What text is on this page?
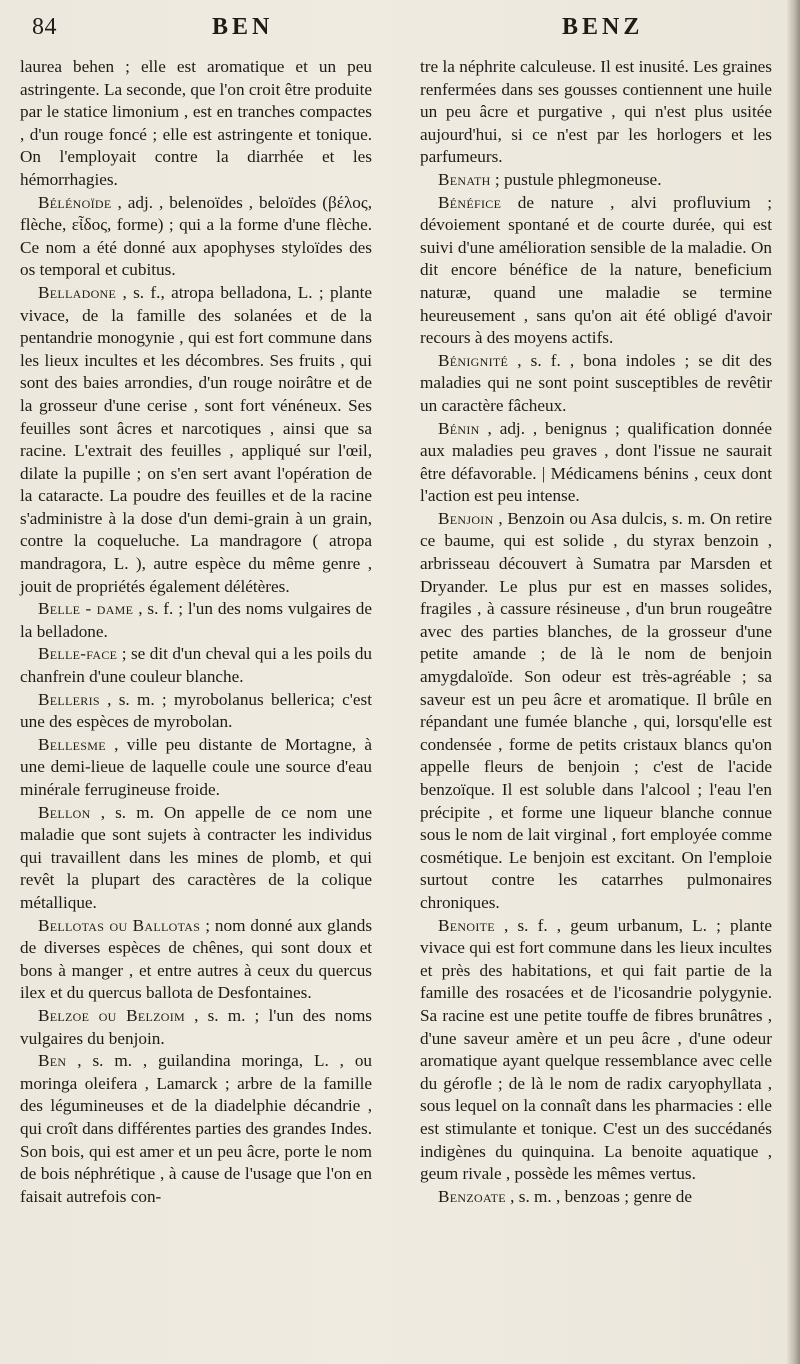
84	BEN	BENZ

laurea behen ; elle est aromatique et un peu astringente. La seconde, que l'on croit être produite par le statice limonium , est en tranches compactes , d'un rouge foncé ; elle est astringente et tonique. On l'employait contre la diarrhée et les hémorrhagies.

Bélénoïde , adj. , belenoïdes , beloïdes (βέλος, flèche, εἶδος, forme) ; qui a la forme d'une flèche. Ce nom a été donné aux apophyses styloïdes des os temporal et cubitus.

Belladone , s. f., atropa belladona, L. ; plante vivace, de la famille des solanées et de la pentandrie monogynie , qui est fort commune dans les lieux incultes et les décombres. Ses fruits , qui sont des baies arrondies, d'un rouge noirâtre et de la grosseur d'une cerise , sont fort vénéneux. Ses feuilles sont âcres et narcotiques , ainsi que sa racine. L'extrait des feuilles , appliqué sur l'œil, dilate la pupille ; on s'en sert avant l'opération de la cataracte. La poudre des feuilles et de la racine s'administre à la dose d'un demi-grain à un grain, contre la coqueluche. La mandragore ( atropa mandragora, L. ), autre espèce du même genre , jouit de propriétés également délétères.

Belle - dame , s. f. ; l'un des noms vulgaires de la belladone.

Belle-face ; se dit d'un cheval qui a les poils du chanfrein d'une couleur blanche.

Belleris , s. m. ; myrobolanus bellerica; c'est une des espèces de myrobolan.

Bellesme , ville peu distante de Mortagne, à une demi-lieue de laquelle coule une source d'eau minérale ferrugineuse froide.

Bellon , s. m. On appelle de ce nom une maladie que sont sujets à contracter les individus qui travaillent dans les mines de plomb, et qui revêt la plupart des caractères de la colique métallique.

Bellotas ou Ballotas ; nom donné aux glands de diverses espèces de chênes, qui sont doux et bons à manger , et entre autres à ceux du quercus ilex et du quercus ballota de Desfontaines.

Belzoe ou Belzoim , s. m. ; l'un des noms vulgaires du benjoin.

Ben , s. m. , guilandina moringa, L. , ou moringa oleifera , Lamarck ; arbre de la famille des légumineuses et de la diadelphie décandrie , qui croît dans différentes parties des grandes Indes. Son bois, qui est amer et un peu âcre, porte le nom de bois néphrétique , à cause de l'usage que l'on en faisait autrefois con-

tre la néphrite calculeuse. Il est inusité. Les graines renfermées dans ses gousses contiennent une huile un peu âcre et purgative , qui n'est plus usitée aujourd'hui, si ce n'est par les horlogers et les parfumeurs.

Benath ; pustule phlegmoneuse.

Bénéfice de nature , alvi profluvium ; dévoiement spontané et de courte durée, qui est suivi d'une amélioration sensible de la maladie. On dit encore bénéfice de la nature, beneficium naturæ, quand une maladie se termine heureusement , sans qu'on ait été obligé d'avoir recours à des moyens actifs.

Bénignité , s. f. , bona indoles ; se dit des maladies qui ne sont point susceptibles de revêtir un caractère fâcheux.

Bénin , adj. , benignus ; qualification donnée aux maladies peu graves , dont l'issue ne saurait être défavorable. | Médicamens bénins , ceux dont l'action est peu intense.

Benjoin , Benzoin ou Asa dulcis, s. m. On retire ce baume, qui est solide , du styrax benzoin , arbrisseau découvert à Sumatra par Marsden et Dryander. Le plus pur est en masses solides, fragiles , à cassure résineuse , d'un brun rougeâtre avec des parties blanches, de la grosseur d'une petite amande ; de là le nom de benjoin amygdaloïde. Son odeur est très-agréable ; sa saveur est un peu âcre et aromatique. Il brûle en répandant une fumée blanche , qui, lorsqu'elle est condensée , forme de petits cristaux blancs qu'on appelle fleurs de benjoin ; c'est de l'acide benzoïque. Il est soluble dans l'alcool ; l'eau l'en précipite , et forme une liqueur blanche connue sous le nom de lait virginal , fort employée comme cosmétique. Le benjoin est excitant. On l'emploie surtout contre les catarrhes pulmonaires chroniques.

Benoite , s. f. , geum urbanum, L. ; plante vivace qui est fort commune dans les lieux incultes et près des habitations, et qui fait partie de la famille des rosacées et de l'icosandrie polygynie. Sa racine est une petite touffe de fibres brunâtres , d'une saveur amère et un peu âcre , d'une odeur aromatique ayant quelque ressemblance avec celle du gérofle ; de là le nom de radix caryophyllata , sous lequel on la connaît dans les pharmacies : elle est stimulante et tonique. C'est un des succédanés indigènes du quinquina. La benoite aquatique , geum rivale , possède les mêmes vertus.

Benzoate , s. m. , benzoas ; genre de
